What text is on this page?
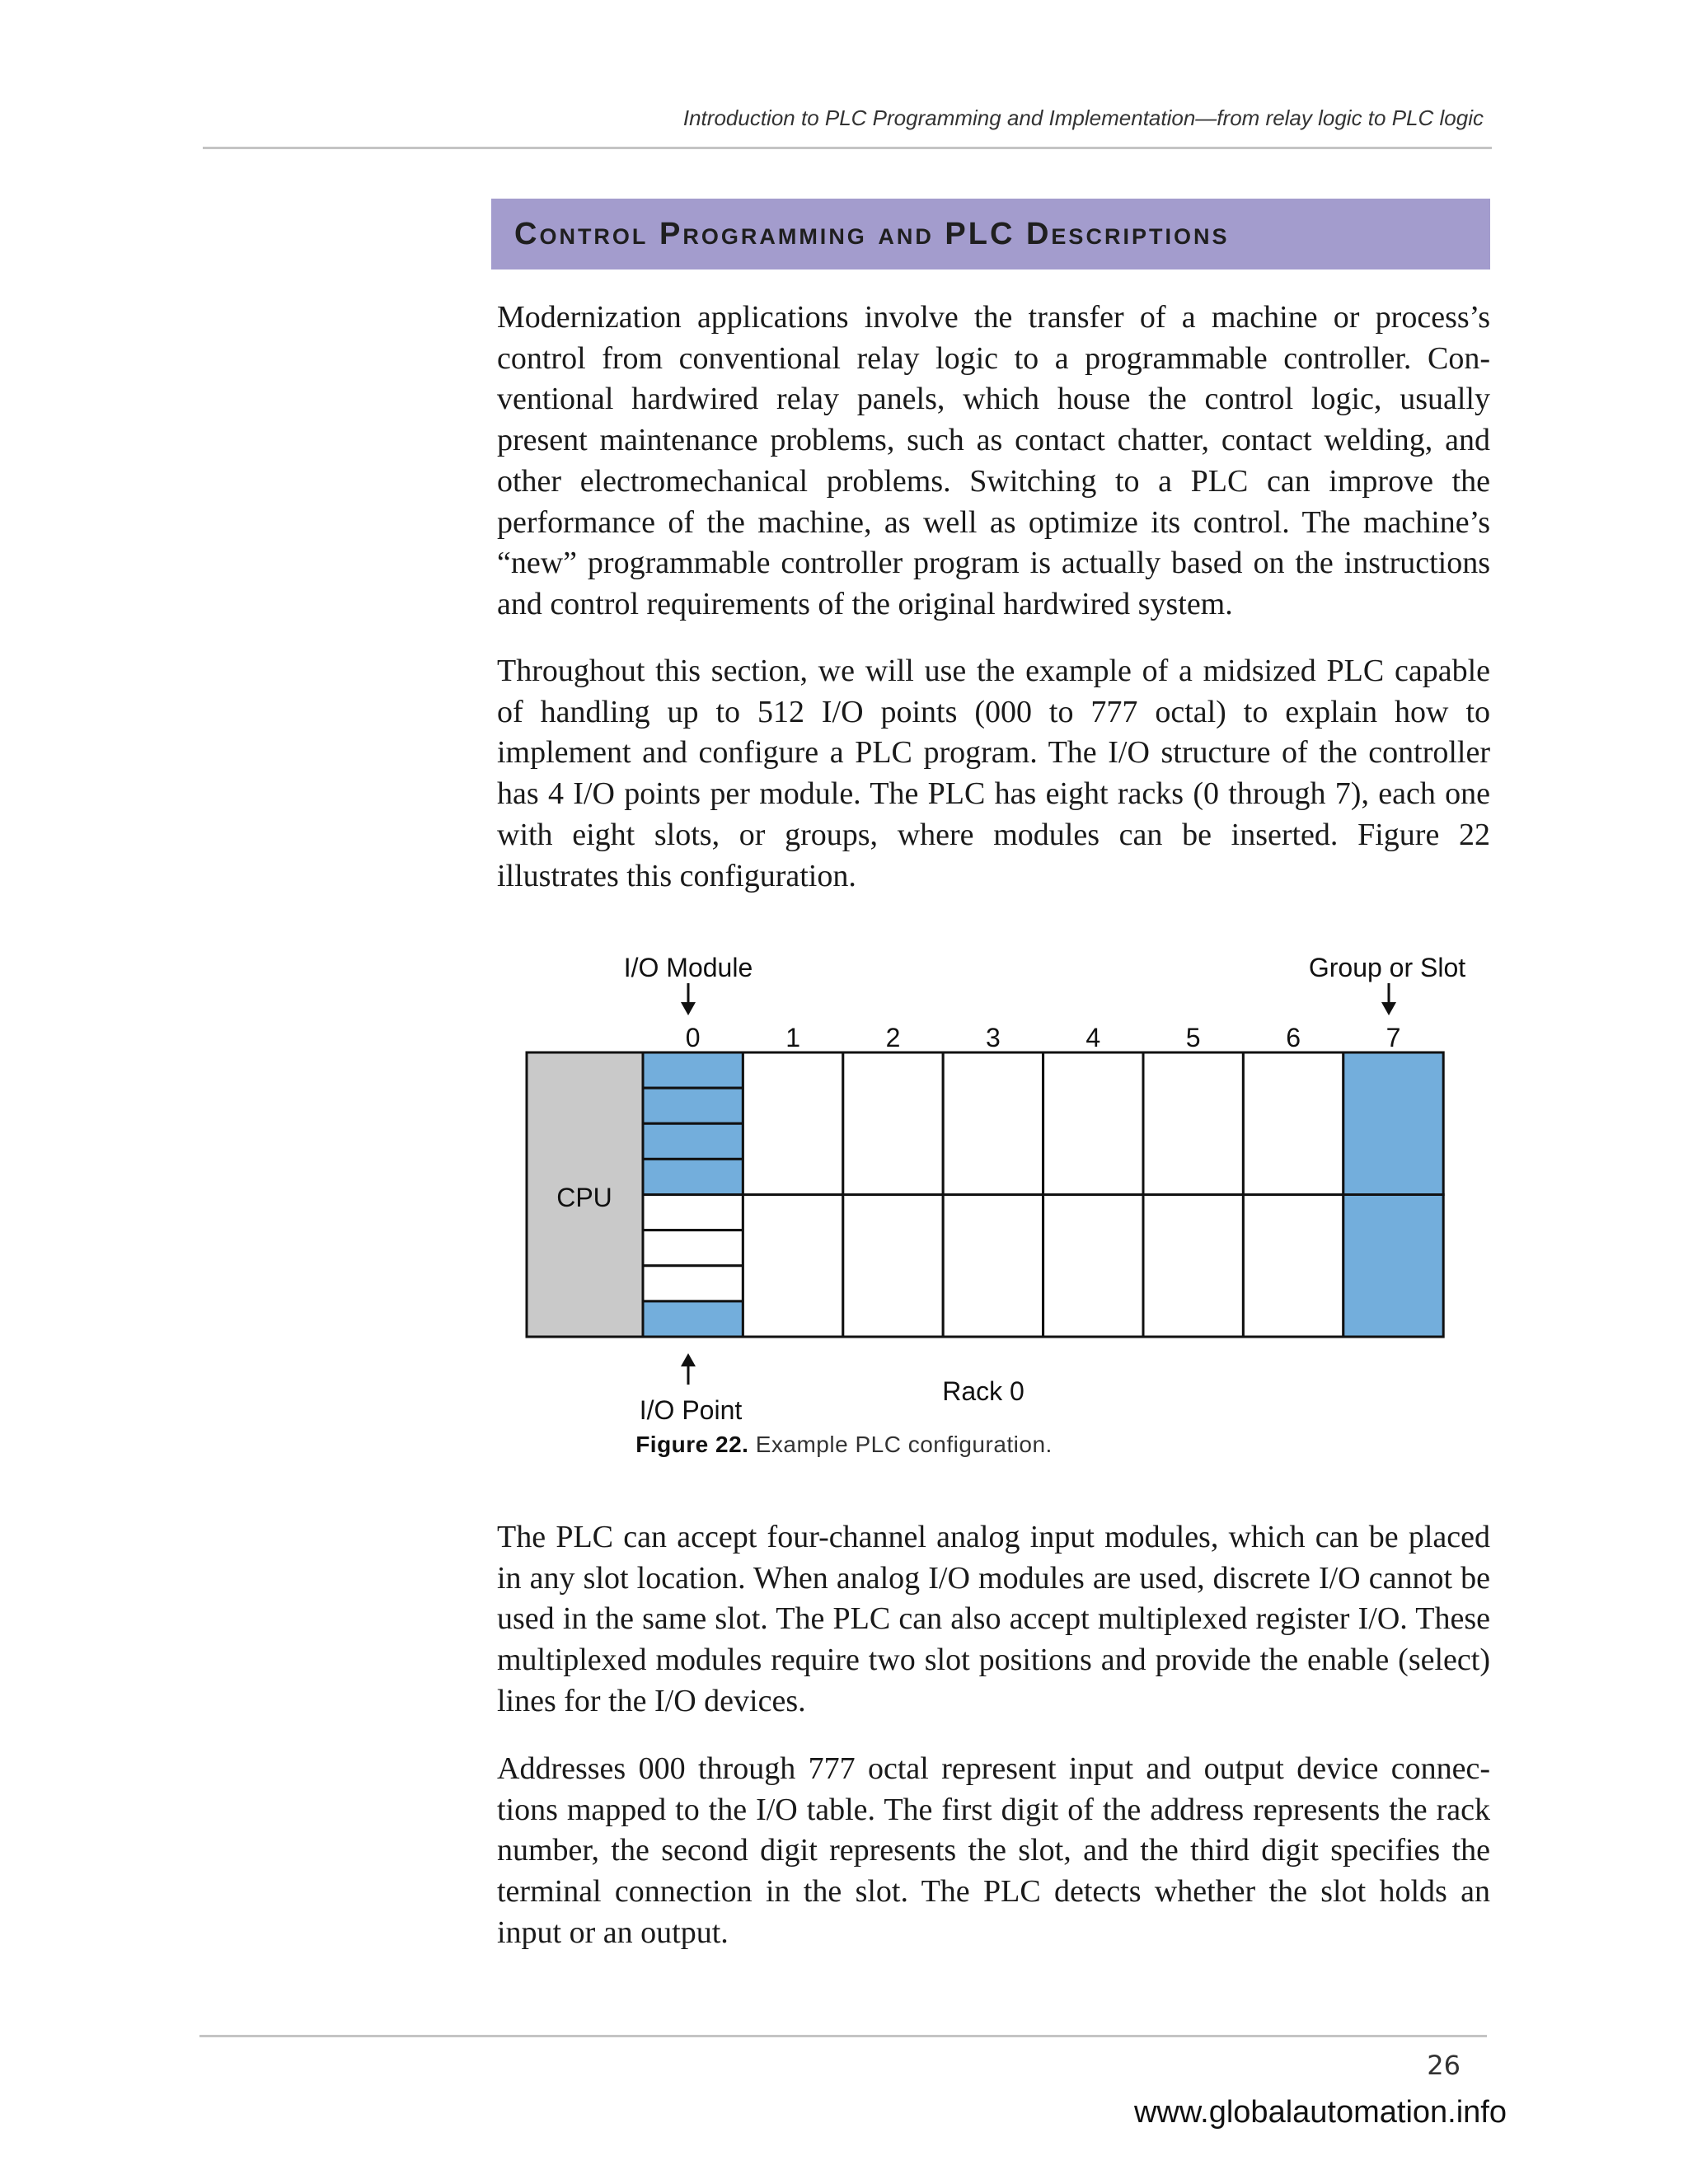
Introduction to PLC Programming and Implementation—from relay logic to PLC logic
Control Programming and PLC Descriptions

Modernization applications involve the transfer of a machine or process’s control from conventional relay logic to a programmable controller. Conventional hardwired relay panels, which house the control logic, usually present maintenance problems, such as contact chatter, contact welding, and other electromechanical problems. Switching to a PLC can improve the performance of the machine, as well as optimize its control. The machine’s “new” programmable controller program is actually based on the instructions and control requirements of the original hardwired system.

Throughout this section, we will use the example of a midsized PLC capable of handling up to 512 I/O points (000 to 777 octal) to explain how to implement and configure a PLC program. The I/O structure of the controller has 4 I/O points per module. The PLC has eight racks (0 through 7), each one with eight slots, or groups, where modules can be inserted. Figure 22 illustrates this configuration.

I/O Module	Group or Slot
0	1	2	3	4	5	6	7
CPU
I/O Point
Rack 0
Figure 22. Example PLC configuration.

The PLC can accept four-channel analog input modules, which can be placed in any slot location. When analog I/O modules are used, discrete I/O cannot be used in the same slot. The PLC can also accept multiplexed register I/O. These multiplexed modules require two slot positions and provide the enable (select) lines for the I/O devices.

Addresses 000 through 777 octal represent input and output device connections mapped to the I/O table. The first digit of the address represents the rack number, the second digit represents the slot, and the third digit specifies the terminal connection in the slot. The PLC detects whether the slot holds an input or an output.

26
www.globalautomation.info
